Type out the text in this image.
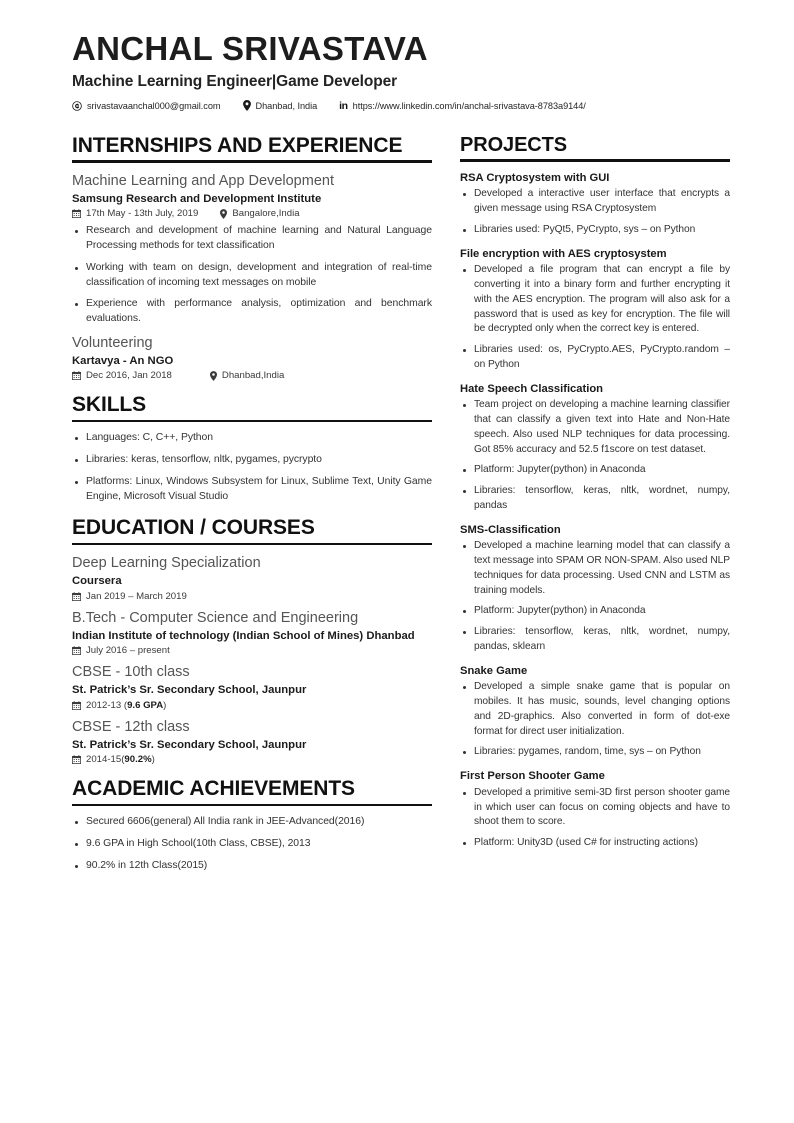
ANCHAL SRIVASTAVA
Machine Learning Engineer|Game Developer
srivastavaanchal000@gmail.com	Dhanbad, India in https://www.linkedin.com/in/anchal-srivastava-8783a9144/
INTERNSHIPS AND EXPERIENCE
Machine Learning and App Development
Samsung Research and Development Institute
17th May - 13th July, 2019	Bangalore,India
Research and development of machine learning and Natural Language Processing methods for text classification
Working with team on design, development and integration of real-time classification of incoming text messages on mobile
Experience with performance analysis, optimization and benchmark evaluations.
Volunteering
Kartavya - An NGO
Dec 2016, Jan 2018	Dhanbad,India
SKILLS
Languages: C, C++, Python
Libraries: keras, tensorflow, nltk, pygames, pycrypto
Platforms: Linux, Windows Subsystem for Linux, Sublime Text, Unity Game Engine, Microsoft Visual Studio
EDUCATION / COURSES
Deep Learning Specialization
Coursera
Jan 2019 – March 2019
B.Tech - Computer Science and Engineering
Indian Institute of technology (Indian School of Mines) Dhanbad
July 2016 – present
CBSE - 10th class
St. Patrick’s Sr. Secondary School, Jaunpur
2012-13 ( 9.6 GPA )
CBSE - 12th class
St. Patrick’s Sr. Secondary School, Jaunpur
2014-15( 90.2% )
ACADEMIC ACHIEVEMENTS
Secured 6606(general) All India rank in JEE-Advanced(2016)
9.6 GPA in High School(10th Class, CBSE), 2013
90.2% in 12th Class(2015)
PROJECTS
RSA Cryptosystem with GUI
Developed a interactive user interface that encrypts a given message using RSA Cryptosystem
Libraries used: PyQt5, PyCrypto, sys – on Python
File encryption with AES cryptosystem
Developed a file program that can encrypt a file by converting it into a binary form and further encrypting it with the AES encryption. The program will also ask for a password that is used as key for encryption. The file will be decrypted only when the correct key is entered.
Libraries used: os, PyCrypto.AES, PyCrypto.random – on Python
Hate Speech Classification
Team project on developing a machine learning classifier that can classify a given text into Hate and Non-Hate speech. Also used NLP techniques for data processing. Got 85% accuracy and 52.5 f1score on test dataset.
Platform: Jupyter(python) in Anaconda
Libraries: tensorflow, keras, nltk, wordnet, numpy, pandas
SMS-Classification
Developed a machine learning model that can classify a text message into SPAM OR NON-SPAM. Also used NLP techniques for data processing. Used CNN and LSTM as training models.
Platform: Jupyter(python) in Anaconda
Libraries: tensorflow, keras, nltk, wordnet, numpy, pandas, sklearn
Snake Game
Developed a simple snake game that is popular on mobiles. It has music, sounds, level changing options and 2D-graphics. Also converted in form of dot-exe format for direct user initialization.
Libraries: pygames, random, time, sys – on Python
First Person Shooter Game
Developed a primitive semi-3D first person shooter game in which user can focus on coming objects and have to shoot them to score.
Platform: Unity3D (used C# for instructing actions)
